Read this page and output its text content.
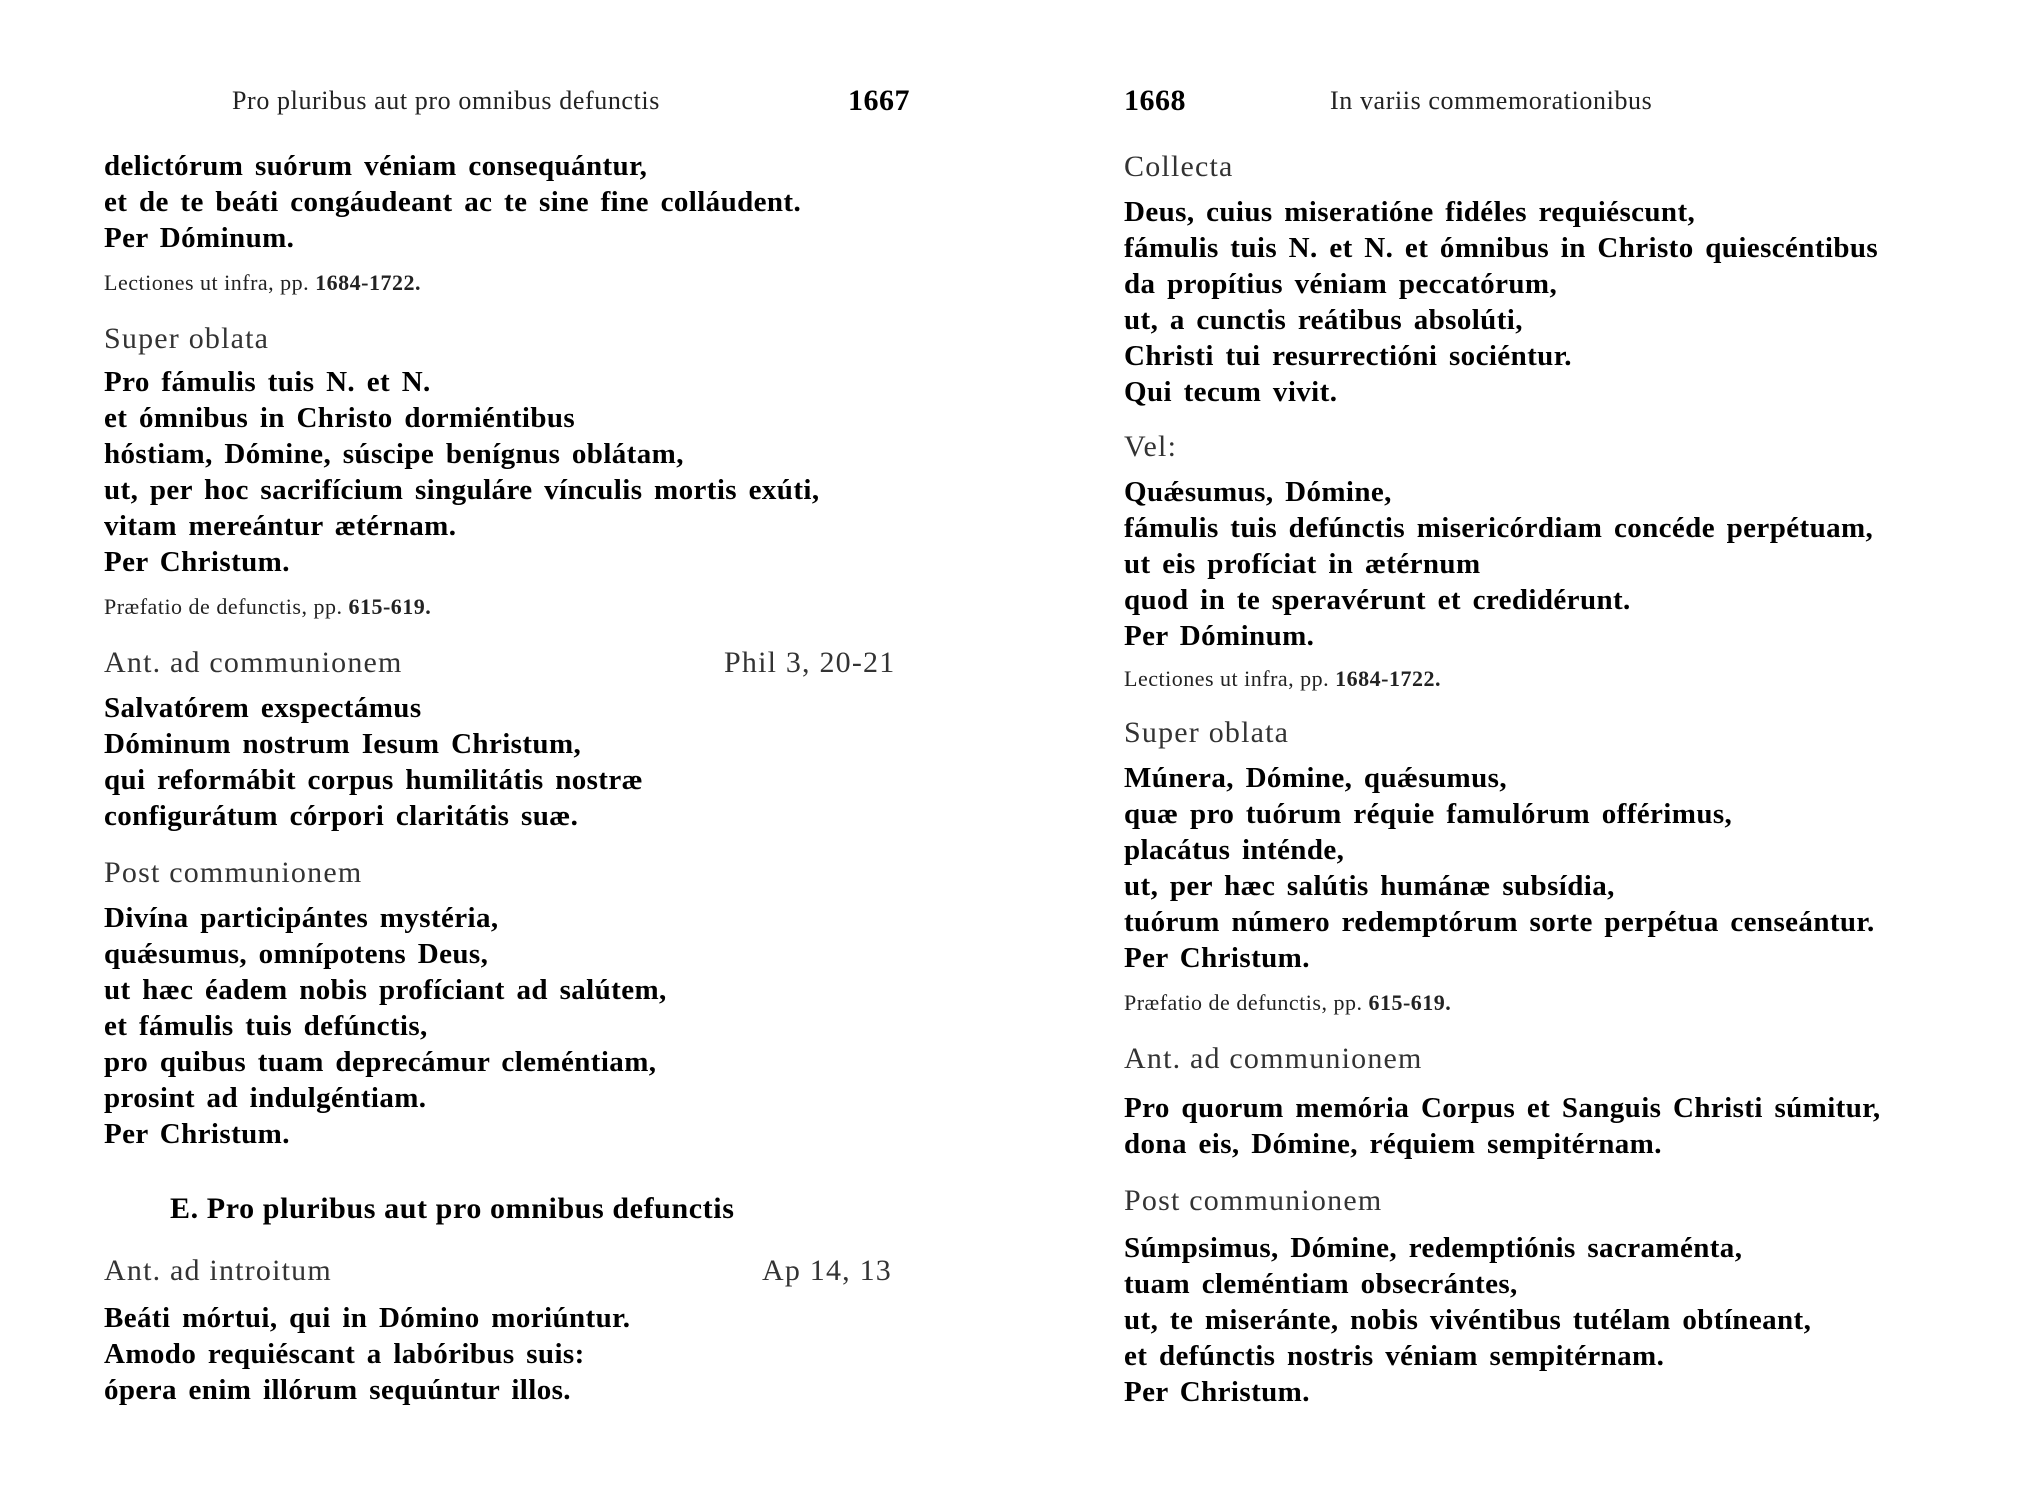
Pro pluribus aut pro omnibus defunctis	1667
delictórum suórum véniam consequántur,
et de te beáti congáudeant ac te sine fine colláudent.
Per Dóminum.
Lectiones ut infra, pp. 1684-1722.
Super oblata
Pro fámulis tuis N. et N.
et ómnibus in Christo dormiéntibus
hóstiam, Dómine, súscipe benígnus oblátam,
ut, per hoc sacrifícium singuláre vínculis mortis exúti,
vitam mereántur ætérnam.
Per Christum.
Præfatio de defunctis, pp. 615-619.
Ant. ad communionem	Phil 3, 20-21
Salvatórem exspectámus
Dóminum nostrum Iesum Christum,
qui reformábit corpus humilitátis nostræ
configurátum córpori claritátis suæ.
Post communionem
Divína participántes mystéria,
quǽsumus, omnípotens Deus,
ut hæc éadem nobis profíciant ad salútem,
et fámulis tuis defúnctis,
pro quibus tuam deprecámur cleméntiam,
prosint ad indulgéntiam.
Per Christum.
E. Pro pluribus aut pro omnibus defunctis
Ant. ad introitum	Ap 14, 13
Beáti mórtui, qui in Dómino moriúntur.
Amodo requiéscant a labóribus suis:
ópera enim illórum sequúntur illos.
1668	In variis commemorationibus
Collecta
Deus, cuius miseratióne fidéles requiéscunt,
fámulis tuis N. et N. et ómnibus in Christo quiescéntibus
da propítius véniam peccatórum,
ut, a cunctis reátibus absolúti,
Christi tui resurrectióni sociéntur.
Qui tecum vivit.
Vel:
Quǽsumus, Dómine,
fámulis tuis defúnctis misericórdiam concéde perpétuam,
ut eis profíciat in ætérnum
quod in te speravérunt et credidérunt.
Per Dóminum.
Lectiones ut infra, pp. 1684-1722.
Super oblata
Múnera, Dómine, quǽsumus,
quæ pro tuórum réquie famulórum offérimus,
placátus inténde,
ut, per hæc salútis humánæ subsídia,
tuórum número redemptórum sorte perpétua censeántur.
Per Christum.
Præfatio de defunctis, pp. 615-619.
Ant. ad communionem
Pro quorum memória Corpus et Sanguis Christi súmitur,
dona eis, Dómine, réquiem sempitérnam.
Post communionem
Súmpsimus, Dómine, redemptiónis sacraménta,
tuam cleméntiam obsecrántes,
ut, te miseránte, nobis vivéntibus tutélam obtíneant,
et defúnctis nostris véniam sempitérnam.
Per Christum.
